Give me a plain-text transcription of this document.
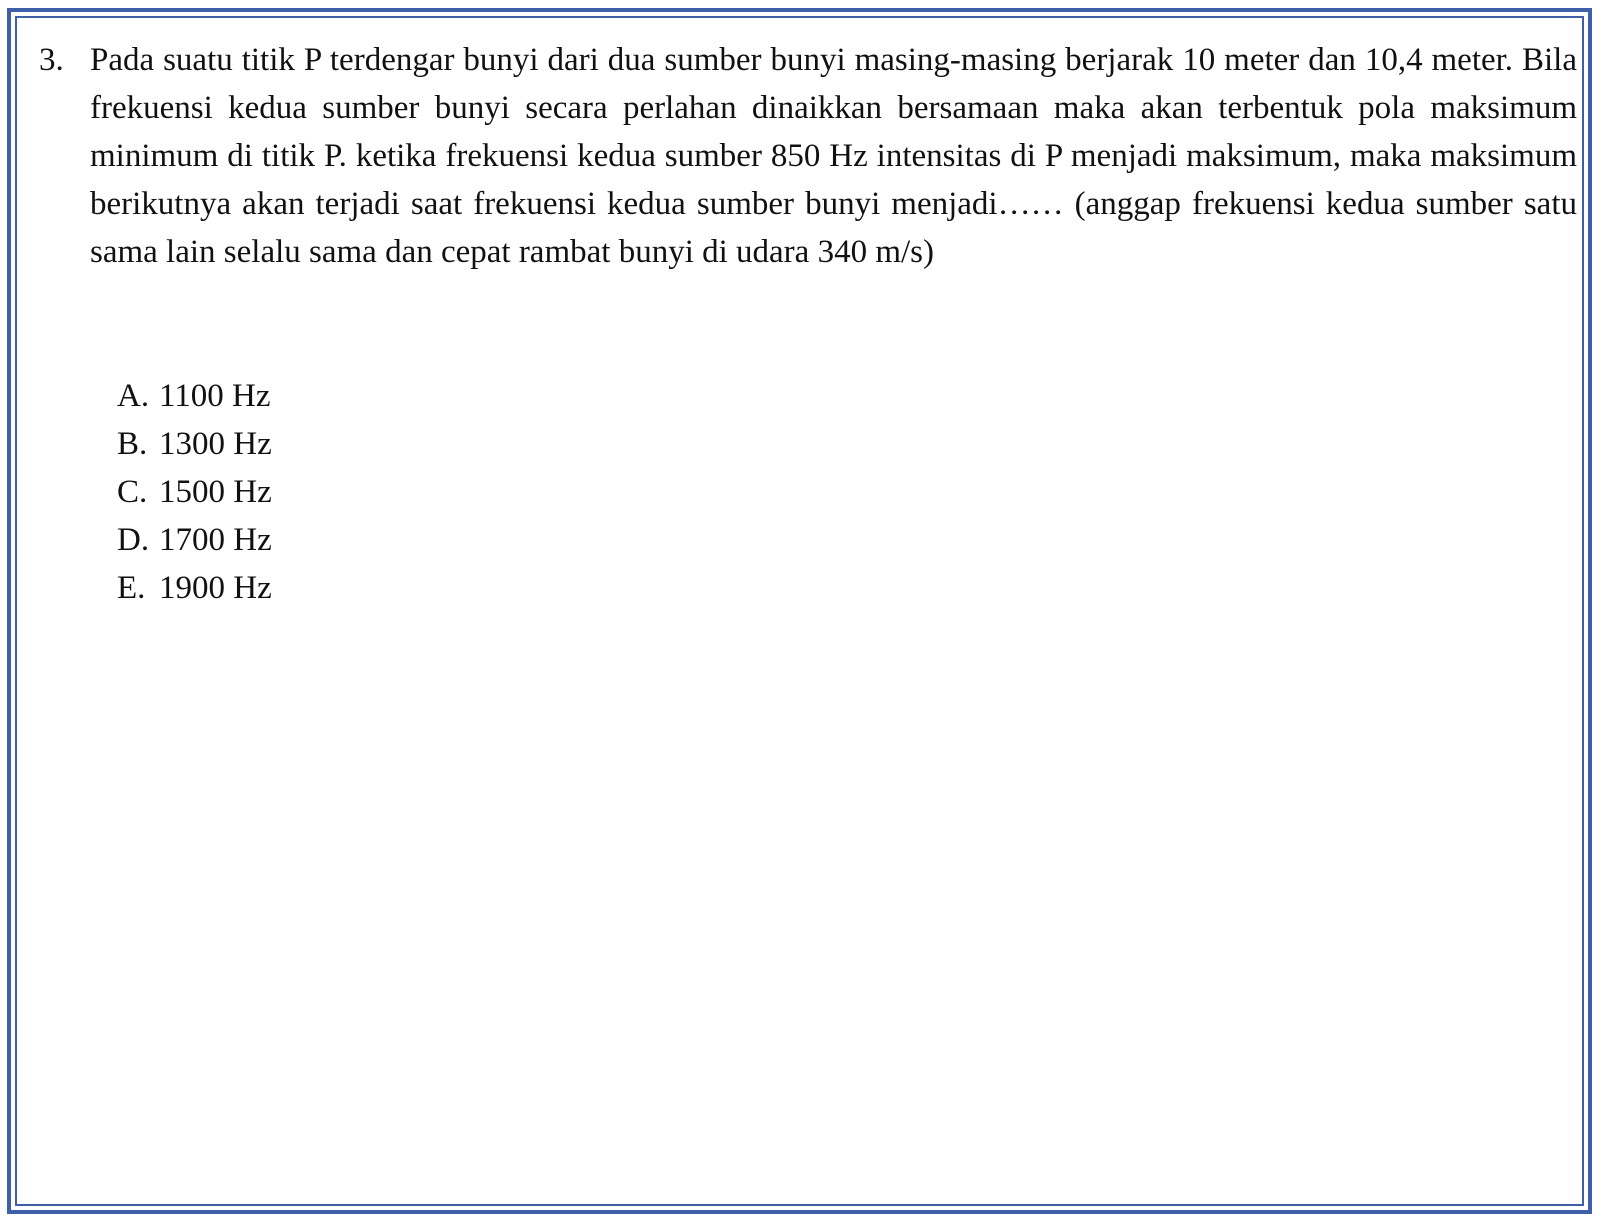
3. Pada suatu titik P terdengar bunyi dari dua sumber bunyi masing-masing berjarak 10 meter dan 10,4 meter. Bila frekuensi kedua sumber bunyi secara perlahan dinaikkan bersamaan maka akan terbentuk pola maksimum minimum di titik P. ketika frekuensi kedua sumber 850 Hz intensitas di P menjadi maksimum, maka maksimum berikutnya akan terjadi saat frekuensi kedua sumber bunyi menjadi…… (anggap frekuensi kedua sumber satu sama lain selalu sama dan cepat rambat bunyi di udara 340 m/s)
A. 1100 Hz
B. 1300 Hz
C. 1500 Hz
D. 1700 Hz
E. 1900 Hz
